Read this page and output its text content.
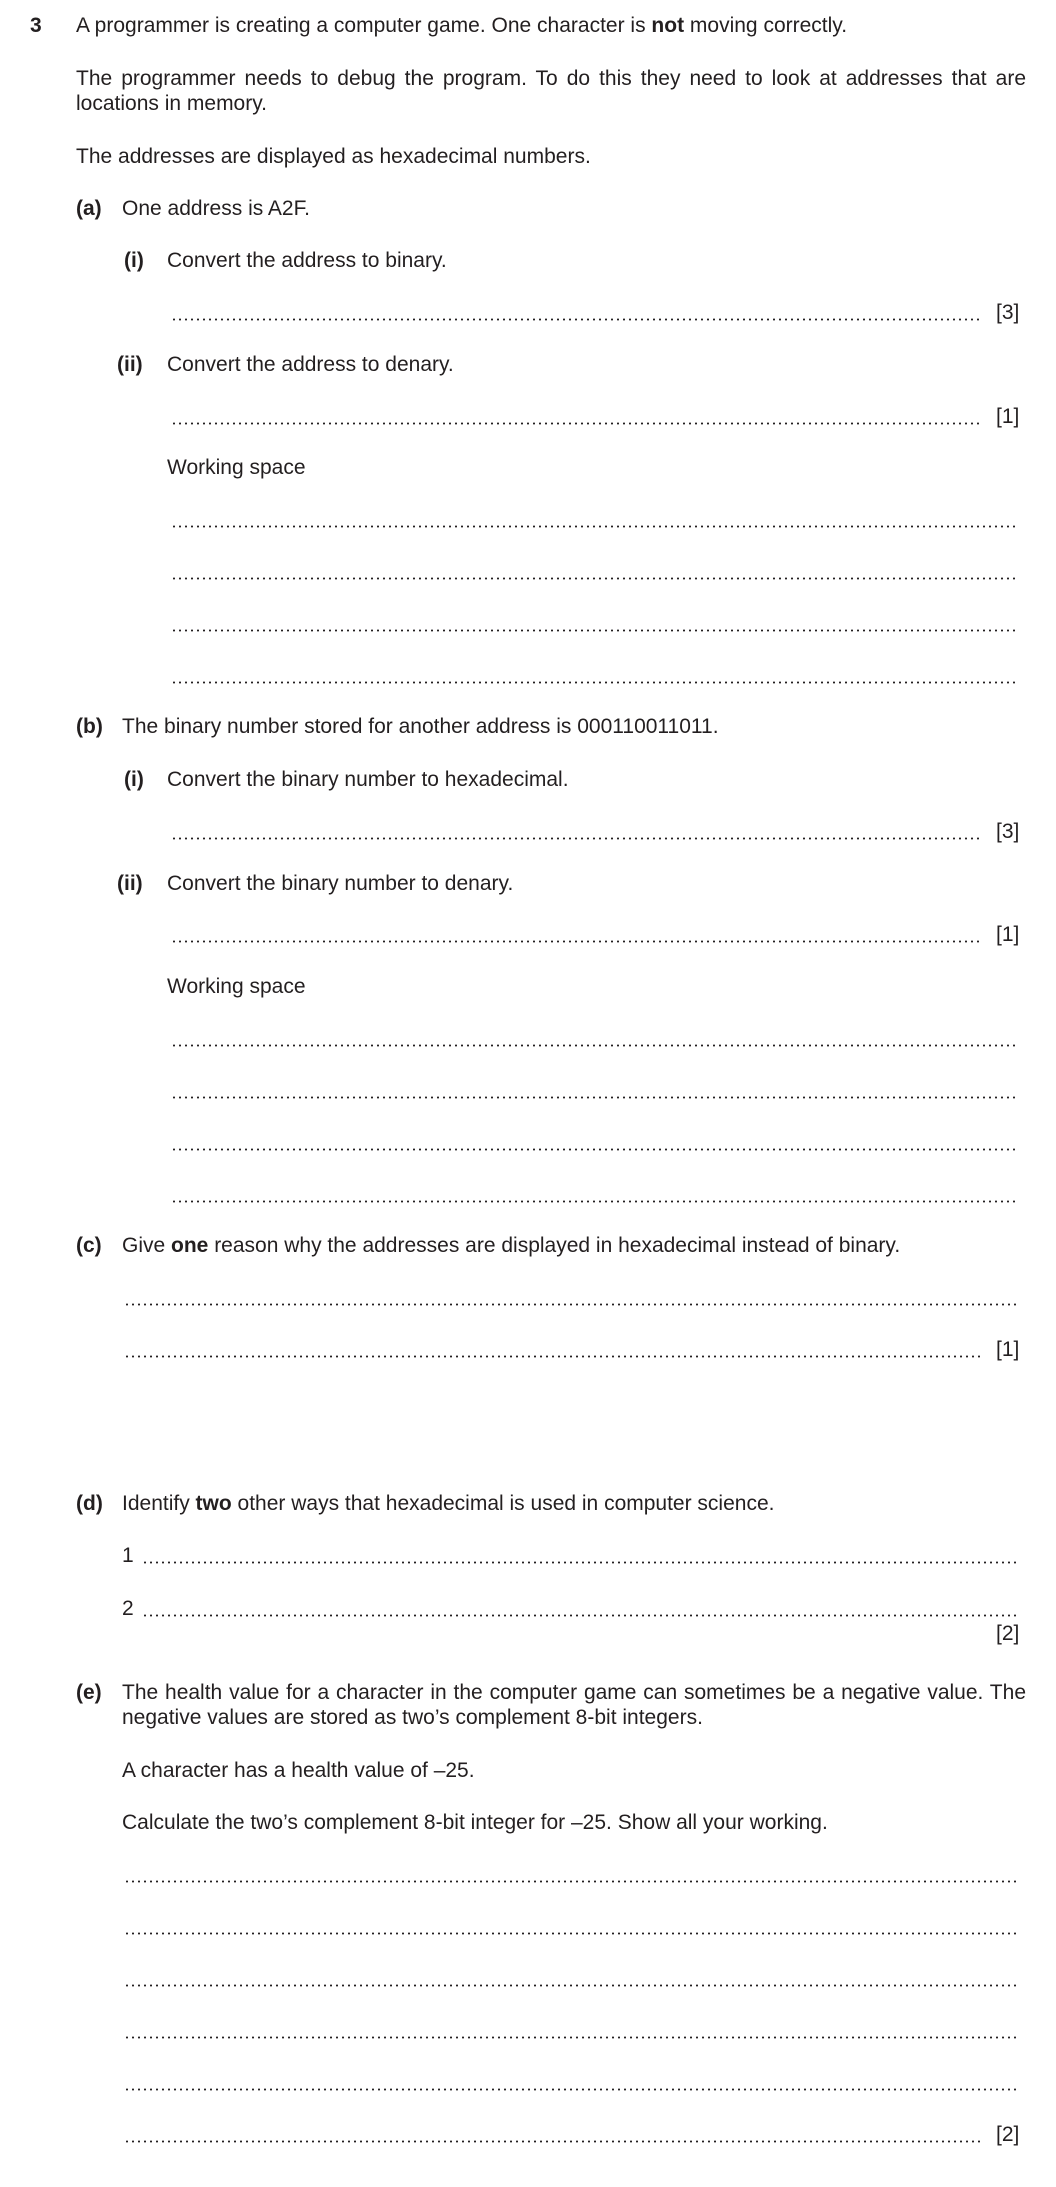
3 A programmer is creating a computer game. One character is not moving correctly.
The programmer needs to debug the program. To do this they need to look at addresses that are locations in memory.
The addresses are displayed as hexadecimal numbers.
(a) One address is A2F.
(i) Convert the address to binary.
[3]
(ii) Convert the address to denary.
[1]
Working space
(b) The binary number stored for another address is 000110011011.
(i) Convert the binary number to hexadecimal.
[3]
(ii) Convert the binary number to denary.
[1]
Working space
(c) Give one reason why the addresses are displayed in hexadecimal instead of binary.
[1]
(d) Identify two other ways that hexadecimal is used in computer science.
1
2
[2]
(e) The health value for a character in the computer game can sometimes be a negative value. The negative values are stored as two’s complement 8-bit integers.
A character has a health value of –25.
Calculate the two’s complement 8-bit integer for –25. Show all your working.
[2]
